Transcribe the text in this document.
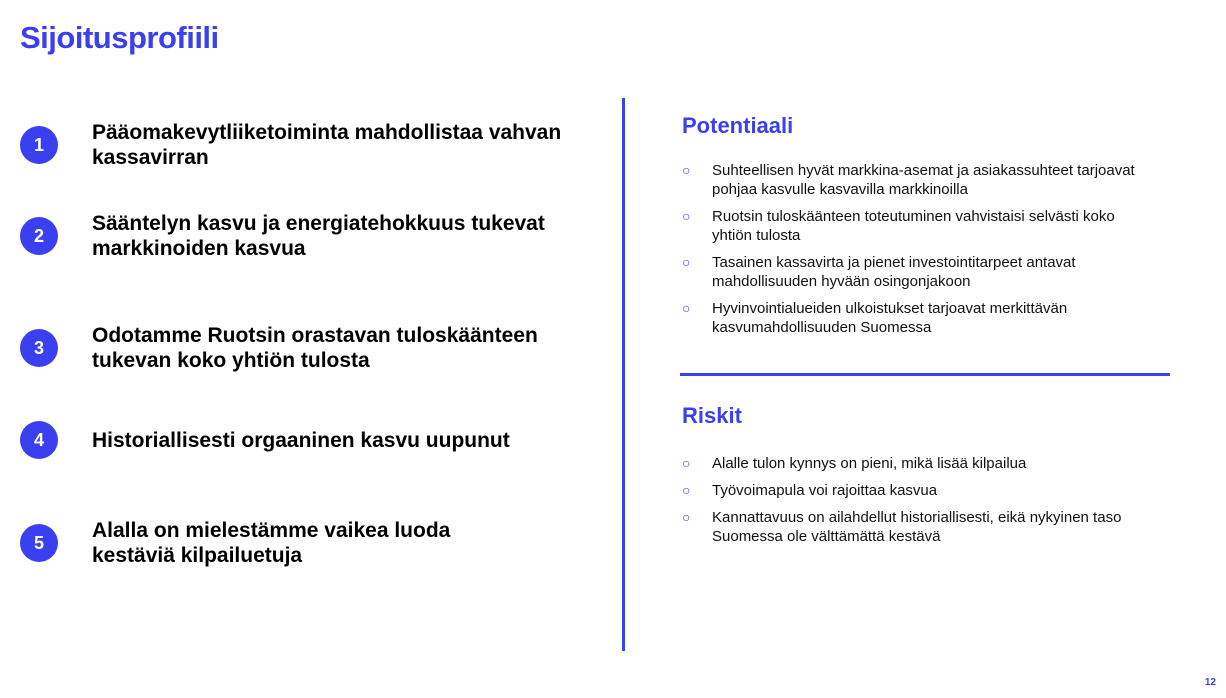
Sijoitusprofiili
1
Pääomakevytliiketoiminta mahdollistaa vahvan kassavirran
2
Sääntelyn kasvu ja energiatehokkuus tukevat markkinoiden kasvua
3
Odotamme Ruotsin orastavan tuloskäänteen tukevan koko yhtiön tulosta
4	Historiallisesti orgaaninen kasvu uupunut
5
Alalla on mielestämme vaikea luoda kestäviä kilpailuetuja
Potentiaali
○	Suhteellisen hyvät markkina-asemat ja asiakassuhteet tarjoavat pohjaa kasvulle kasvavilla markkinoilla
○	Ruotsin tuloskäänteen toteutuminen vahvistaisi selvästi koko yhtiön tulosta
○	Tasainen kassavirta ja pienet investointitarpeet antavat mahdollisuuden hyvään osingonjakoon
○	Hyvinvointialueiden ulkoistukset tarjoavat merkittävän kasvumahdollisuuden Suomessa
Riskit
○	Alalle tulon kynnys on pieni, mikä lisää kilpailua
○	Työvoimapula voi rajoittaa kasvua
○	Kannattavuus on ailahdellut historiallisesti, eikä nykyinen taso Suomessa ole välttämättä kestävä
12
